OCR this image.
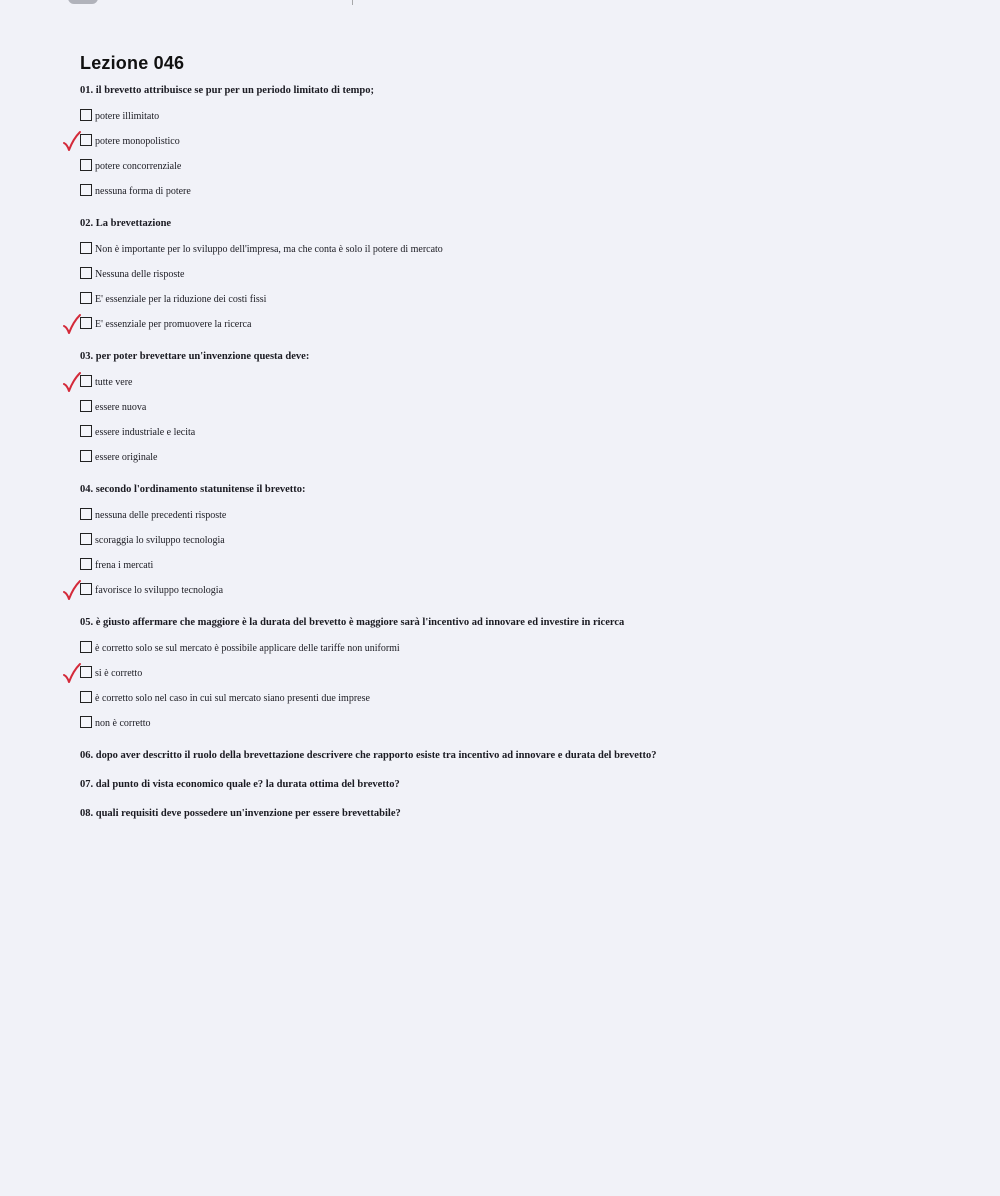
Lezione 046
01. il brevetto attribuisce se pur per un periodo limitato di tempo;
potere illimitato
potere monopolistico
potere concorrenziale
nessuna forma di potere
02. La brevettazione
Non è importante per lo sviluppo dell'impresa, ma che conta è solo il potere di mercato
Nessuna delle risposte
E' essenziale per la riduzione dei costi fissi
E' essenziale per promuovere la ricerca
03. per poter brevettare un'invenzione questa deve:
tutte vere
essere nuova
essere industriale e lecita
essere originale
04. secondo l'ordinamento statunitense il brevetto:
nessuna delle precedenti risposte
scoraggia lo sviluppo tecnologia
frena i mercati
favorisce lo sviluppo tecnologia
05. è giusto affermare che maggiore è la durata del brevetto è maggiore sarà l'incentivo ad innovare ed investire in ricerca
è corretto solo se sul mercato è possibile applicare delle tariffe non uniformi
si è corretto
è corretto solo nel caso in cui sul mercato siano presenti due imprese
non è corretto
06. dopo aver descritto il ruolo della brevettazione descrivere che rapporto esiste tra incentivo ad innovare e durata del brevetto?
07. dal punto di vista economico quale e? la durata ottima del brevetto?
08. quali requisiti deve possedere un'invenzione per essere brevettabile?
